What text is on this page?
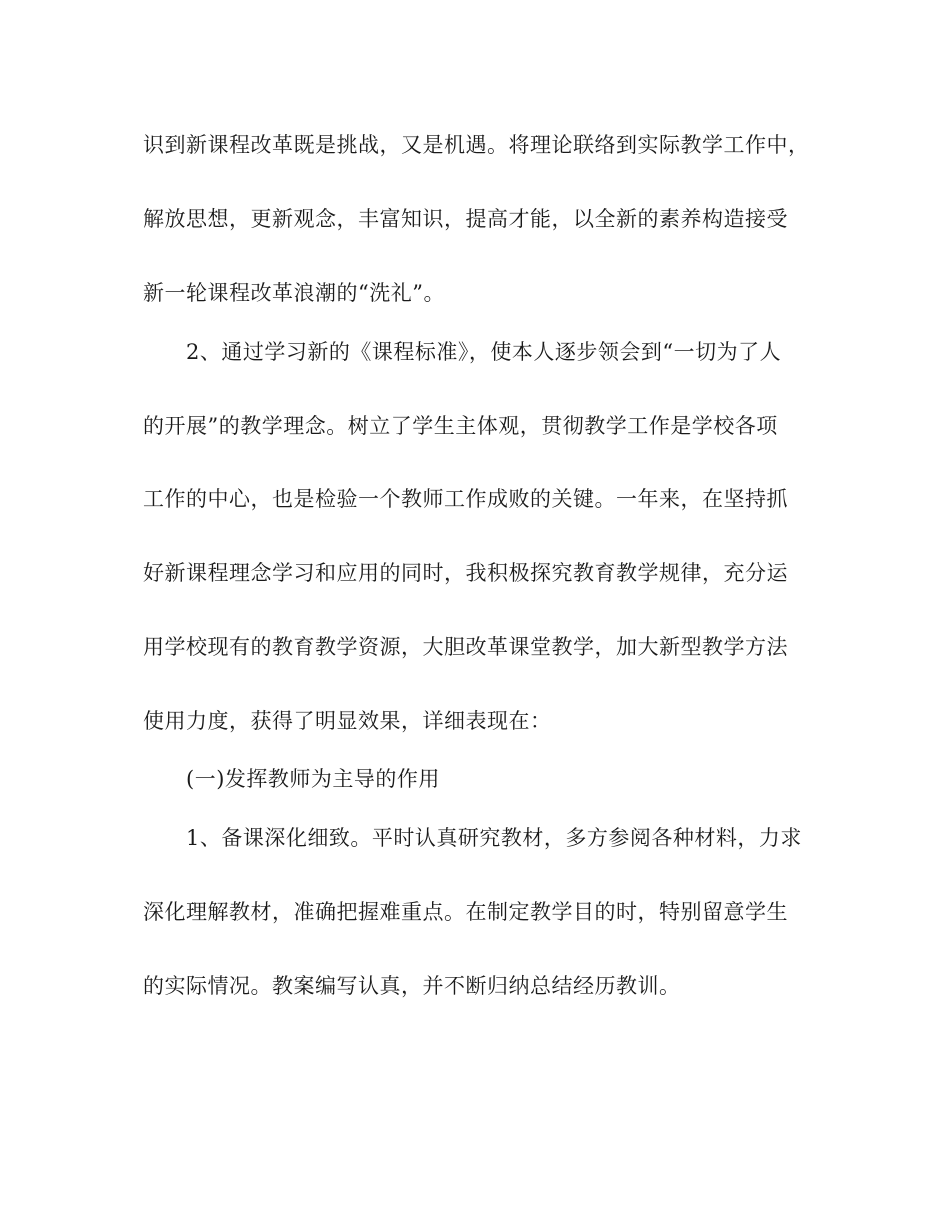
识到新课程改革既是挑战，又是机遇。将理论联络到实际教学工作中，
解放思想，更新观念，丰富知识，提高才能，以全新的素养构造接受
新一轮课程改革浪潮的“洗礼”。
2、通过学习新的《课程标准》，使本人逐步领会到“一切为了人
的开展”的教学理念。树立了学生主体观，贯彻教学工作是学校各项
工作的中心，也是检验一个教师工作成败的关键。一年来，在坚持抓
好新课程理念学习和应用的同时，我积极探究教育教学规律，充分运
用学校现有的教育教学资源，大胆改革课堂教学，加大新型教学方法
使用力度，获得了明显效果，详细表现在：
(一)发挥教师为主导的作用
1、备课深化细致。平时认真研究教材，多方参阅各种材料，力求
深化理解教材，准确把握难重点。在制定教学目的时，特别留意学生
的实际情况。教案编写认真，并不断归纳总结经历教训。
